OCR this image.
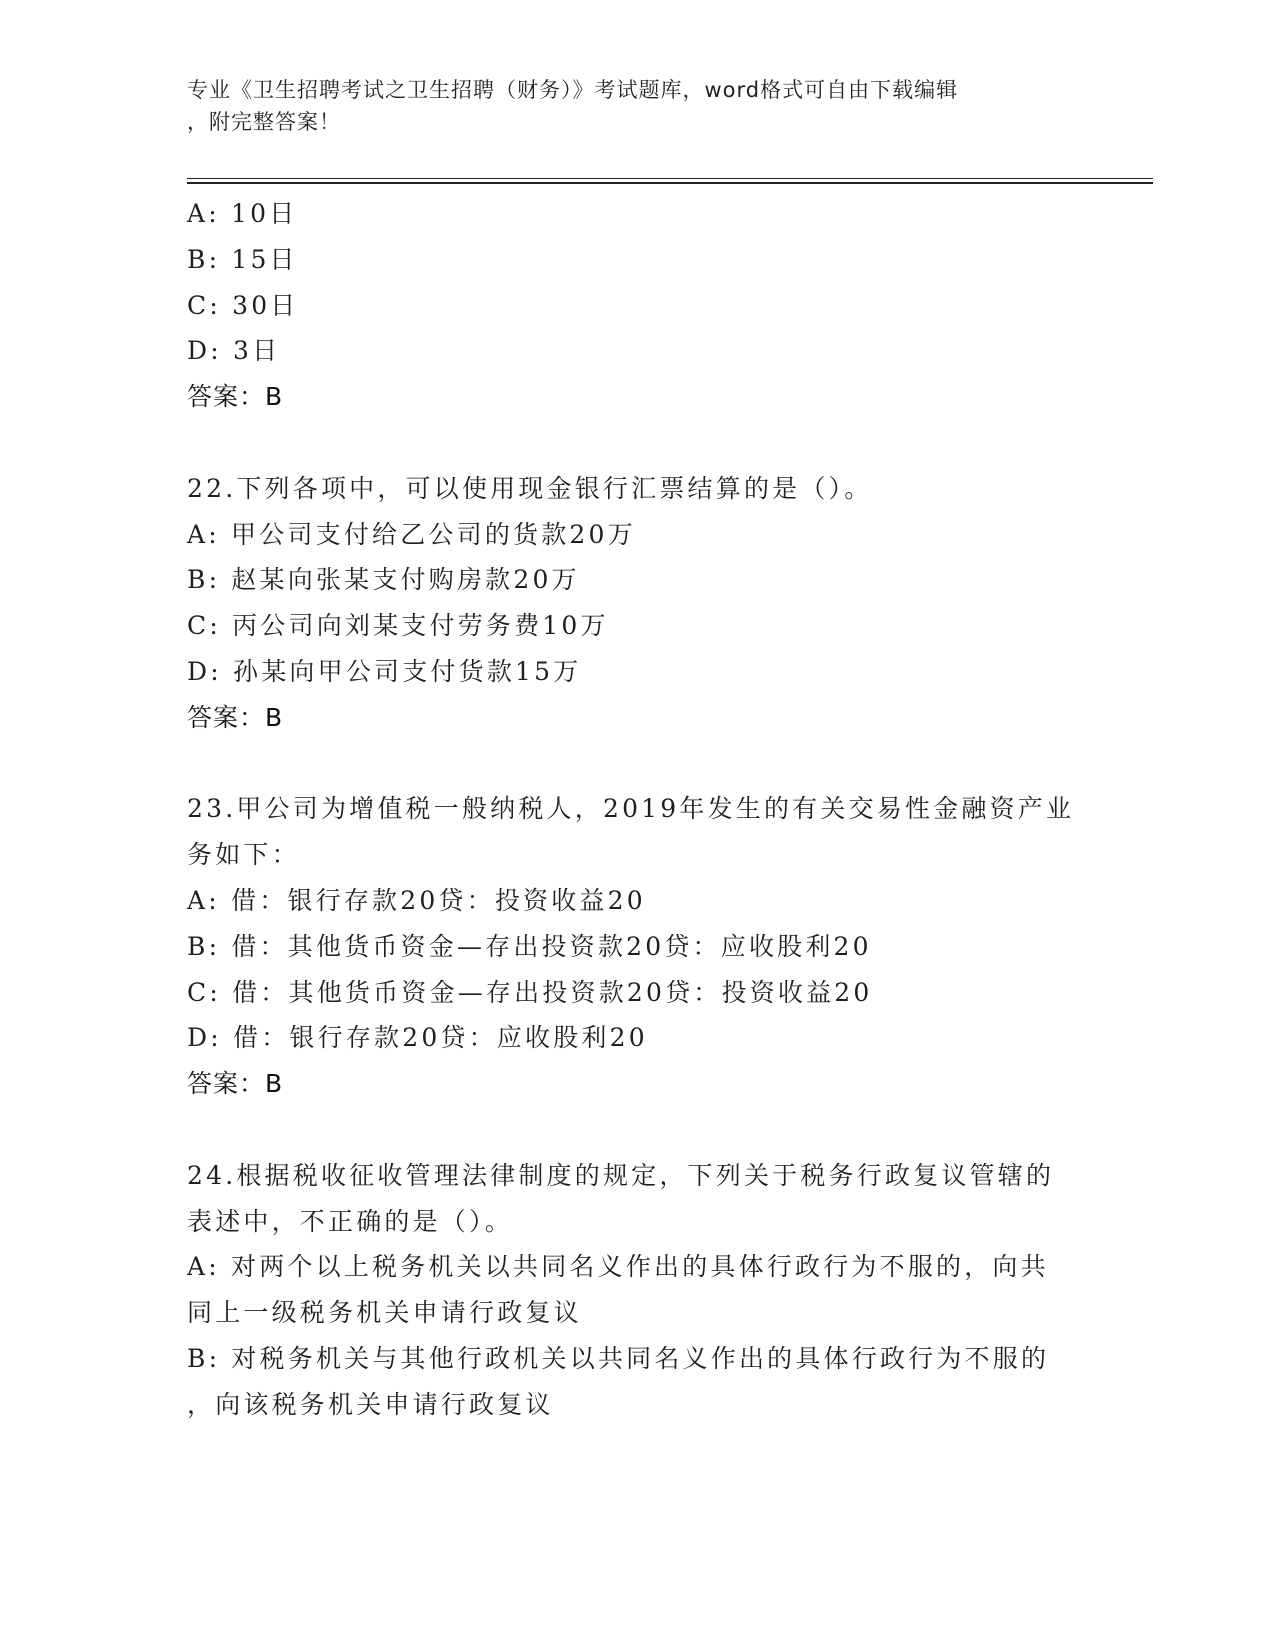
专业《卫生招聘考试之卫生招聘（财务）》考试题库，word格式可自由下载编辑
，附完整答案！
A: 10日
B: 15日
C: 30日
D: 3日
答案：B
22.下列各项中，可以使用现金银行汇票结算的是（）。
A: 甲公司支付给乙公司的货款20万
B: 赵某向张某支付购房款20万
C: 丙公司向刘某支付劳务费10万
D: 孙某向甲公司支付货款15万
答案：B
23.甲公司为增值税一般纳税人，2019年发生的有关交易性金融资产业
务如下：
A: 借：银行存款20贷：投资收益20
B: 借：其他货币资金—存出投资款20贷：应收股利20
C: 借：其他货币资金—存出投资款20贷：投资收益20
D: 借：银行存款20贷：应收股利20
答案：B
24.根据税收征收管理法律制度的规定，下列关于税务行政复议管辖的
表述中，不正确的是（）。
A: 对两个以上税务机关以共同名义作出的具体行政行为不服的，向共
同上一级税务机关申请行政复议
B: 对税务机关与其他行政机关以共同名义作出的具体行政行为不服的
，向该税务机关申请行政复议
